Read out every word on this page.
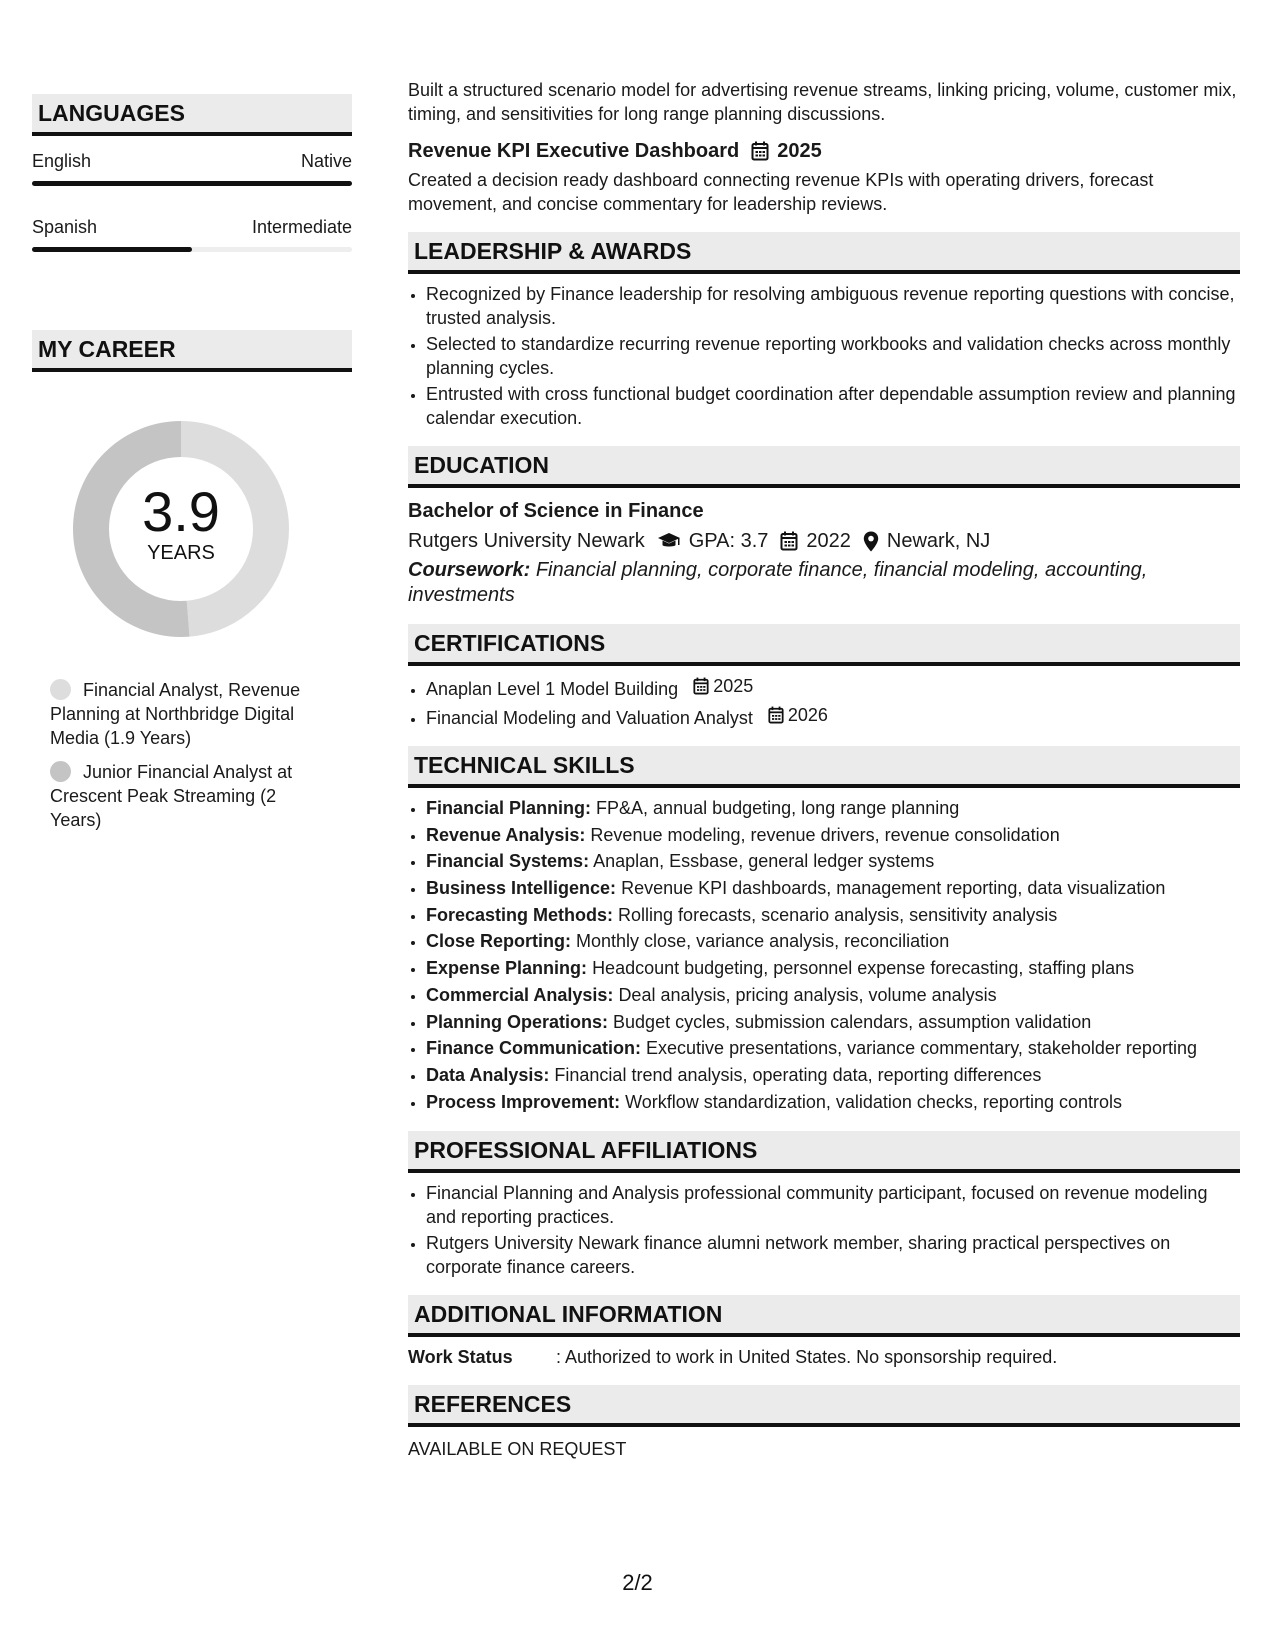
LANGUAGES
English	Native
Spanish	Intermediate
MY CAREER
3.9
YEARS
Financial Analyst, Revenue Planning at Northbridge Digital Media (1.9 Years)
Junior Financial Analyst at Crescent Peak Streaming (2 Years)
Built a structured scenario model for advertising revenue streams, linking pricing, volume, customer mix, timing, and sensitivities for long range planning discussions.
Revenue KPI Executive Dashboard 2025
Created a decision ready dashboard connecting revenue KPIs with operating drivers, forecast movement, and concise commentary for leadership reviews.
LEADERSHIP & AWARDS
• Recognized by Finance leadership for resolving ambiguous revenue reporting questions with concise, trusted analysis.
• Selected to standardize recurring revenue reporting workbooks and validation checks across monthly planning cycles.
• Entrusted with cross functional budget coordination after dependable assumption review and planning calendar execution.
EDUCATION
Bachelor of Science in Finance
Rutgers University Newark GPA: 3.7 2022 Newark, NJ
Coursework: Financial planning, corporate finance, financial modeling, accounting, investments
CERTIFICATIONS
• Anaplan Level 1 Model Building 2025
• Financial Modeling and Valuation Analyst 2026
TECHNICAL SKILLS
• Financial Planning: FP&A, annual budgeting, long range planning
• Revenue Analysis: Revenue modeling, revenue drivers, revenue consolidation
• Financial Systems: Anaplan, Essbase, general ledger systems
• Business Intelligence: Revenue KPI dashboards, management reporting, data visualization
• Forecasting Methods: Rolling forecasts, scenario analysis, sensitivity analysis
• Close Reporting: Monthly close, variance analysis, reconciliation
• Expense Planning: Headcount budgeting, personnel expense forecasting, staffing plans
• Commercial Analysis: Deal analysis, pricing analysis, volume analysis
• Planning Operations: Budget cycles, submission calendars, assumption validation
• Finance Communication: Executive presentations, variance commentary, stakeholder reporting
• Data Analysis: Financial trend analysis, operating data, reporting differences
• Process Improvement: Workflow standardization, validation checks, reporting controls
PROFESSIONAL AFFILIATIONS
• Financial Planning and Analysis professional community participant, focused on revenue modeling and reporting practices.
• Rutgers University Newark finance alumni network member, sharing practical perspectives on corporate finance careers.
ADDITIONAL INFORMATION
Work Status	: Authorized to work in United States. No sponsorship required.
REFERENCES
AVAILABLE ON REQUEST
2/2
